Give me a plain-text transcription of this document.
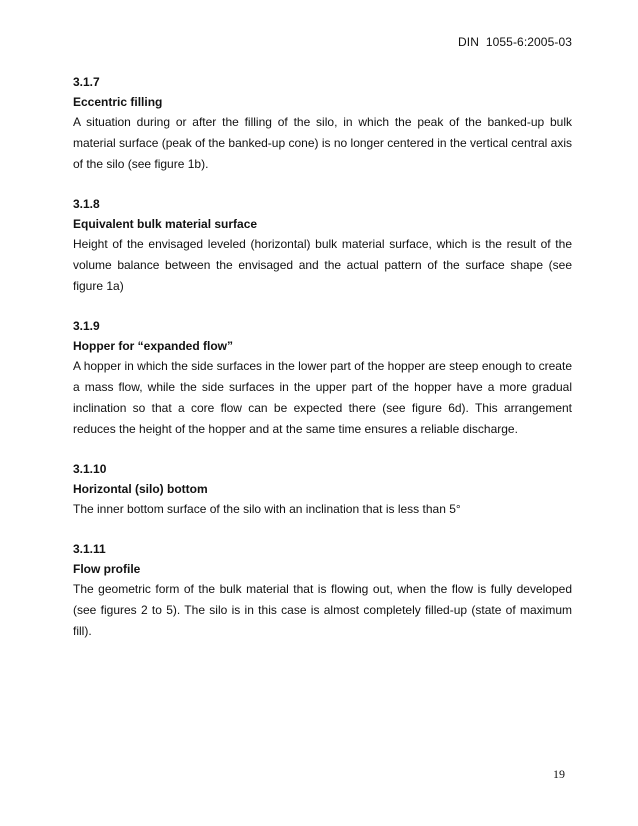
DIN  1055-6:2005-03
3.1.7
Eccentric filling

A situation during or after the filling of the silo, in which the peak of the banked-up bulk material surface (peak of the banked-up cone) is no longer centered in the vertical central axis of the silo (see figure 1b).

3.1.8
Equivalent bulk material surface

Height of the envisaged leveled (horizontal) bulk material surface, which is the result of the volume balance between the envisaged and the actual pattern of the surface shape (see figure 1a)

3.1.9
Hopper for “expanded flow”

A hopper in which the side surfaces in the lower part of the hopper are steep enough to create a mass flow, while the side surfaces in the upper part of the hopper have a more gradual inclination so that a core flow can be expected there (see figure 6d). This arrangement reduces the height of the hopper and at the same time ensures a reliable discharge.

3.1.10
Horizontal (silo) bottom

The inner bottom surface of the silo with an inclination that is less than 5°

3.1.11
Flow profile

The geometric form of the bulk material that is flowing out, when the flow is fully developed (see figures 2 to 5). The silo is in this case is almost completely filled-up (state of maximum fill).

19
